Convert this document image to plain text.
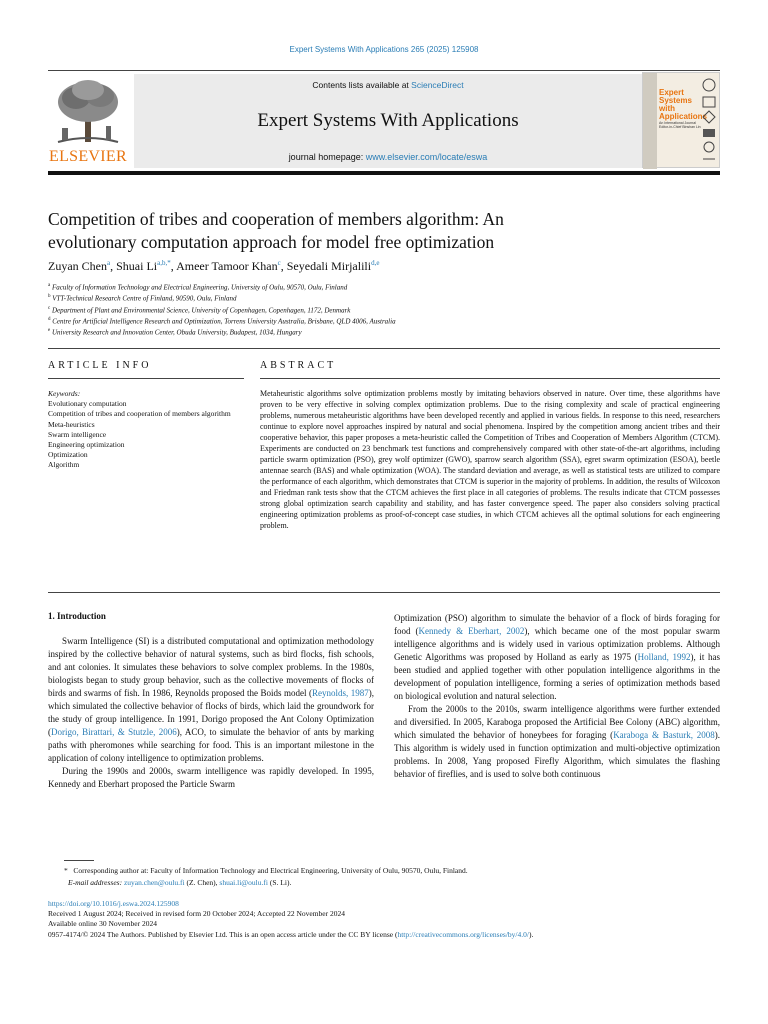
Expert Systems With Applications 265 (2025) 125908
ELSEVIER
Contents lists available at ScienceDirect
Expert Systems With Applications
journal homepage: www.elsevier.com/locate/eswa
Expert Systems with Applications
An International Journal
Editor-in-Chief Binshan Lin
Competition of tribes and cooperation of members algorithm: An
evolutionary computation approach for model free optimization
Zuyan Chen$^a$, Shuai $Li^{a,b,*}$, Ameer Tamoor Khan$^c$, Seyedali Mirjalili$^{d,e}$
$^a$ Faculty of Information Technology and Electrical Engineering, University of Oulu, 90570, Oulu, Finland
$^b$ VTT-Technical Research Centre of Finland, 90590, Oulu, Finland
$^c$ Department of Plant and Environmental Science, University of Copenhagen, Copenhagen, 1172, Denmark
$^d$ Centre for Artificial Intelligence Research and Optimization, Torrens University Australia, Brisbane, QLD 4006, Australia
$^e$ University Research and Innovation Center, Obuda University, Budapest, 1034, Hungary
ARTICLE INFO	ABSTRACT
Keywords:
Evolutionary computation
Competition of tribes and cooperation of members algorithm
Meta-heuristics
Swarm intelligence
Engineering optimization
Optimization
Algorithm
Metaheuristic algorithms solve optimization problems mostly by imitating behaviors observed in nature. Over time, these algorithms have proven to be very effective in solving complex optimization problems. Due to the rising complexity and scale of practical engineering problems, numerous metaheuristic algorithms have been developed recently and applied in various fields. In response to this need, researchers continue to explore novel approaches inspired by natural and social phenomena. Inspired by the competition among ancient tribes and their cooperative behavior, this paper proposes a meta-heuristic called the Competition of Tribes and Cooperation of Members Algorithm (CTCM). Experiments are conducted on 23 benchmark test functions and comprehensively compared with other state-of-the-art algorithms, including particle swarm optimization (PSO), grey wolf optimizer (GWO), sparrow search algorithm (SSA), egret swarm optimization (ESOA), beetle antennae search (BAS) and whale optimization (WOA). The standard deviation and average, as well as statistical tests are utilized to compare the performance of each algorithm, which demonstrates that CTCM is superior in the majority of problems. In addition, the results of Wilcoxon and Friedman rank tests show that the CTCM achieves the first place in all categories of problems. The results indicate that CTCM possesses strong global optimization search capability and stability, and has faster convergence speed. The paper also considers solving practical engineering optimization problems as proof-of-concept case studies, in which CTCM achieves all the optimal solutions for each engineering problem.
1. Introduction

Swarm Intelligence (SI) is a distributed computational and optimization methodology inspired by the collective behavior of natural systems, such as bird flocks, fish schools, and ant colonies. It simulates these behaviors to solve complex problems. In the 1980s, biologists began to study group behavior, such as the collective movements of flocks of birds and swarms of fish. In 1986, Reynolds proposed the Boids model (Reynolds, 1987), which simulated the collective behavior of flocks of birds, which laid the groundwork for the study of group intelligence. In 1991, Dorigo proposed the Ant Colony Optimization (Dorigo, Birattari, & Stutzle, 2006), ACO, to simulate the behavior of ants by marking paths with pheromones while searching for food. This is an important milestone in the application of colony intelligence to optimization problems.

During the 1990s and 2000s, swarm intelligence was rapidly developed. In 1995, Kennedy and Eberhart proposed the Particle Swarm

Optimization (PSO) algorithm to simulate the behavior of a flock of birds foraging for food (Kennedy & Eberhart, 2002), which became one of the most popular swarm intelligence algorithms and is widely used in various optimization problems. Although Genetic Algorithms was proposed by Holland as early as 1975 (Holland, 1992), it has been studied and applied together with other population intelligence algorithms in the development of population intelligence, forming a series of optimization methods based on biological evolution and natural selection.

From the 2000s to the 2010s, swarm intelligence algorithms were further extended and diversified. In 2005, Karaboga proposed the Artificial Bee Colony (ABC) algorithm, which simulated the behavior of honeybees for foraging (Karaboga & Basturk, 2008). This algorithm is widely used in function optimization and multi-objective optimization problems. In 2008, Yang proposed Firefly Algorithm, which simulates the flashing behavior of fireflies, and is used to solve both continuous

* Corresponding author at: Faculty of Information Technology and Electrical Engineering, University of Oulu, 90570, Oulu, Finland.
E-mail addresses: zuyan.chen@oulu.fi (Z. Chen), shuai.li@oulu.fi (S. Li).
https://doi.org/10.1016/j.eswa.2024.125908
Received 1 August 2024; Received in revised form 20 October 2024; Accepted 22 November 2024
Available online 30 November 2024
0957-4174/© 2024 The Authors. Published by Elsevier Ltd. This is an open access article under the CC BY license (http://creativecommons.org/licenses/by/4.0/).
